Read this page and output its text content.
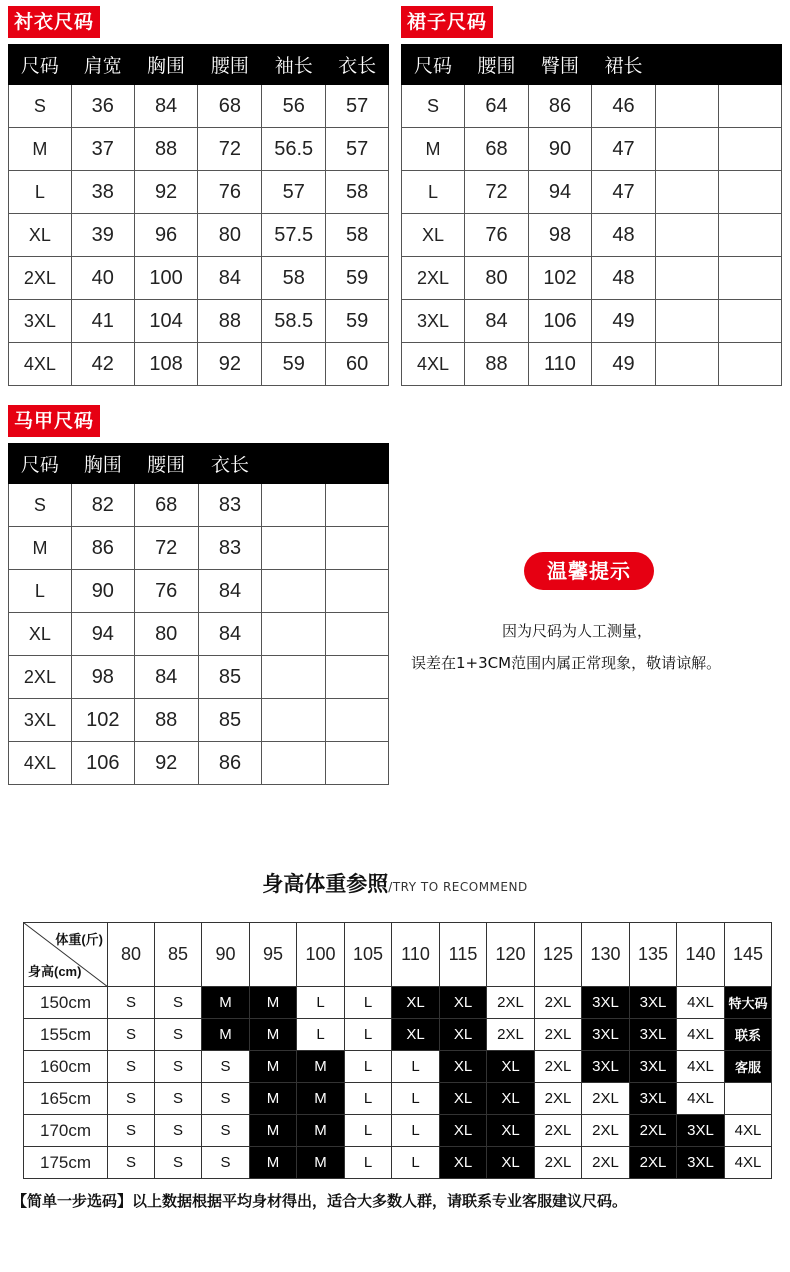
衬衣尺码
尺码	肩宽	胸围	腰围	袖长	衣长
S	36	84	68	56	57
M	37	88	72	56.5	57
L	38	92	76	57	58
XL	39	96	80	57.5	58
2XL	40	100	84	58	59
3XL	41	104	88	58.5	59
4XL	42	108	92	59	60
裙子尺码
尺码	腰围	臀围	裙长		
S	64	86	46		
M	68	90	47		
L	72	94	47		
XL	76	98	48		
2XL	80	102	48		
3XL	84	106	49		
4XL	88	110	49		
马甲尺码
尺码	胸围	腰围	衣长		
S	82	68	83		
M	86	72	83		
L	90	76	84		
XL	94	80	84		
2XL	98	84	85		
3XL	102	88	85		
4XL	106	92	86		
温馨提示
因为尺码为人工测量，
误差在1+3CM范围内属正常现象，敬请谅解。
身高体重参照/TRY TO RECOMMEND
体重(斤)
身高(cm)	80	85	90	95	100	105	110	115	120	125	130	135	140	145
150cm	S	S	M	M	L	L	XL	XL	2XL	2XL	3XL	3XL	4XL	特大码
155cm	S	S	M	M	L	L	XL	XL	2XL	2XL	3XL	3XL	4XL	联系
160cm	S	S	S	M	M	L	L	XL	XL	2XL	3XL	3XL	4XL	客服
165cm	S	S	S	M	M	L	L	XL	XL	2XL	2XL	3XL	4XL	
170cm	S	S	S	M	M	L	L	XL	XL	2XL	2XL	2XL	3XL	4XL
175cm	S	S	S	M	M	L	L	XL	XL	2XL	2XL	2XL	3XL	4XL
【简单一步选码】以上数据根据平均身材得出，适合大多数人群，请联系专业客服建议尺码。
